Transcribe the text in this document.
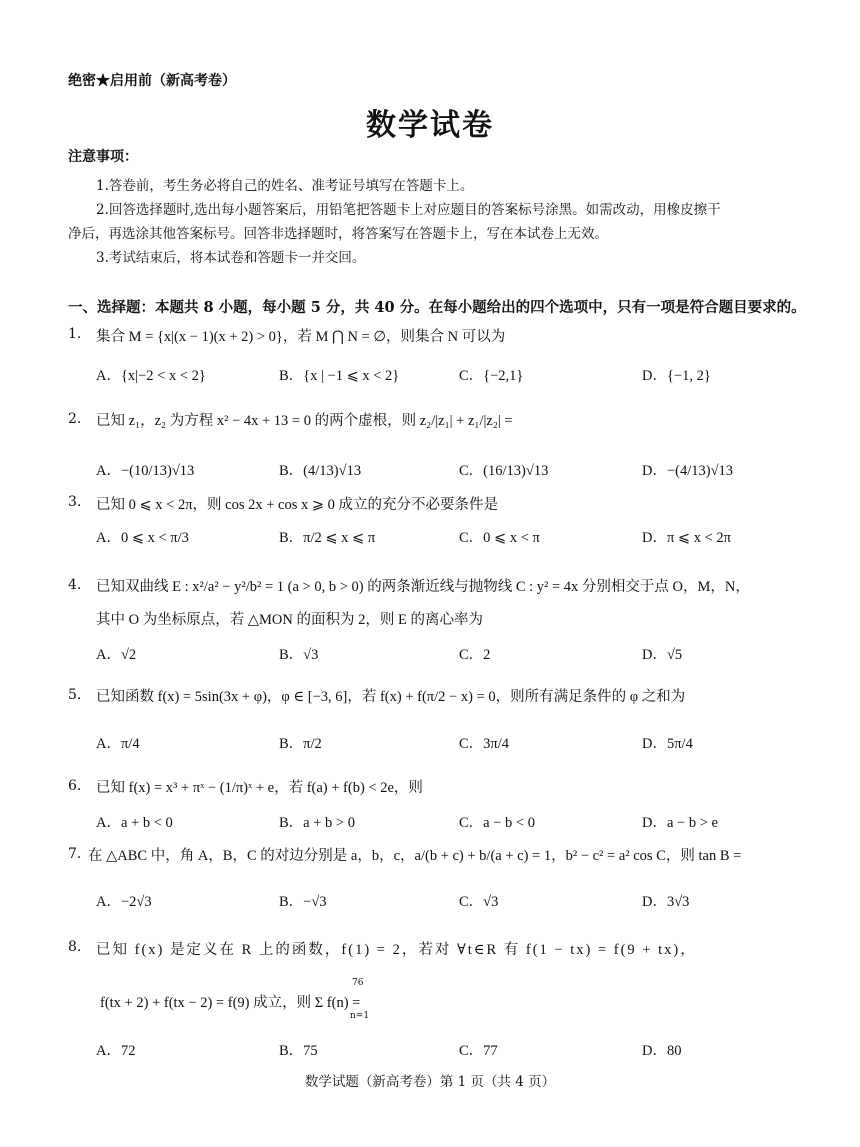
绝密★启用前（新高考卷）
数学试卷
注意事项：
1.答卷前，考生务必将自己的姓名、准考证号填写在答题卡上。
2.回答选择题时,选出每小题答案后，用铅笔把答题卡上对应题目的答案标号涂黑。如需改动，用橡皮擦干
净后，再选涂其他答案标号。回答非选择题时，将答案写在答题卡上，写在本试卷上无效。
3.考试结束后，将本试卷和答题卡一并交回。
一、选择题：本题共 8 小题，每小题 5 分，共 40 分。在每小题给出的四个选项中，只有一项是符合题目要求的。
1. 集合 M = {x|(x − 1)(x + 2) > 0}，若 M ⋂ N = ∅，则集合 N 可以为
A．{x|−2 < x < 2}	B．{x | −1 ⩽ x < 2}	C．{−2,1}	D．{−1, 2}
2. 已知 z₁，z₂ 为方程 x² − 4x + 13 = 0 的两个虚根，则 z₂/|z₁| + z₁/|z₂| =
A．−(10/13)√13	B．(4/13)√13	C．(16/13)√13	D．−(4/13)√13
3. 已知 0 ⩽ x < 2π，则 cos 2x + cos x ⩾ 0 成立的充分不必要条件是
A．0 ⩽ x < π/3	B．π/2 ⩽ x ⩽ π	C．0 ⩽ x < π	D．π ⩽ x < 2π
4. 已知双曲线 E : x²/a² − y²/b² = 1 (a > 0, b > 0) 的两条渐近线与抛物线 C : y² = 4x 分别相交于点 O，M，N，
其中 O 为坐标原点，若 △MON 的面积为 2，则 E 的离心率为
A．√2	B．√3	C．2	D．√5
5. 已知函数 f(x) = 5sin(3x + φ)，φ ∈ [−3, 6]，若 f(x) + f(π/2 − x) = 0，则所有满足条件的 φ 之和为
A．π/4	B．π/2	C．3π/4	D．5π/4
6. 已知 f(x) = x³ + πˣ − (1/π)ˣ + e，若 f(a) + f(b) < 2e，则
A．a + b < 0	B．a + b > 0	C．a − b < 0	D．a − b > e
7. 在 △ABC 中，角 A，B，C 的对边分别是 a，b，c，a/(b + c) + b/(a + c) = 1，b² − c² = a² cos C，则 tan B =
A．−2√3	B．−√3	C．√3	D．3√3
8. 已知 f(x) 是定义在 R 上的函数，f(1) = 2，若对 ∀t∈R 有 f(1 − tx) = f(9 + tx)，
76
n=1
f(tx + 2) + f(tx − 2) = f(9) 成立，则 Σ f(n) =
A．72	B．75	C．77	D．80
数学试题（新高考卷）第 1 页（共 4 页）
